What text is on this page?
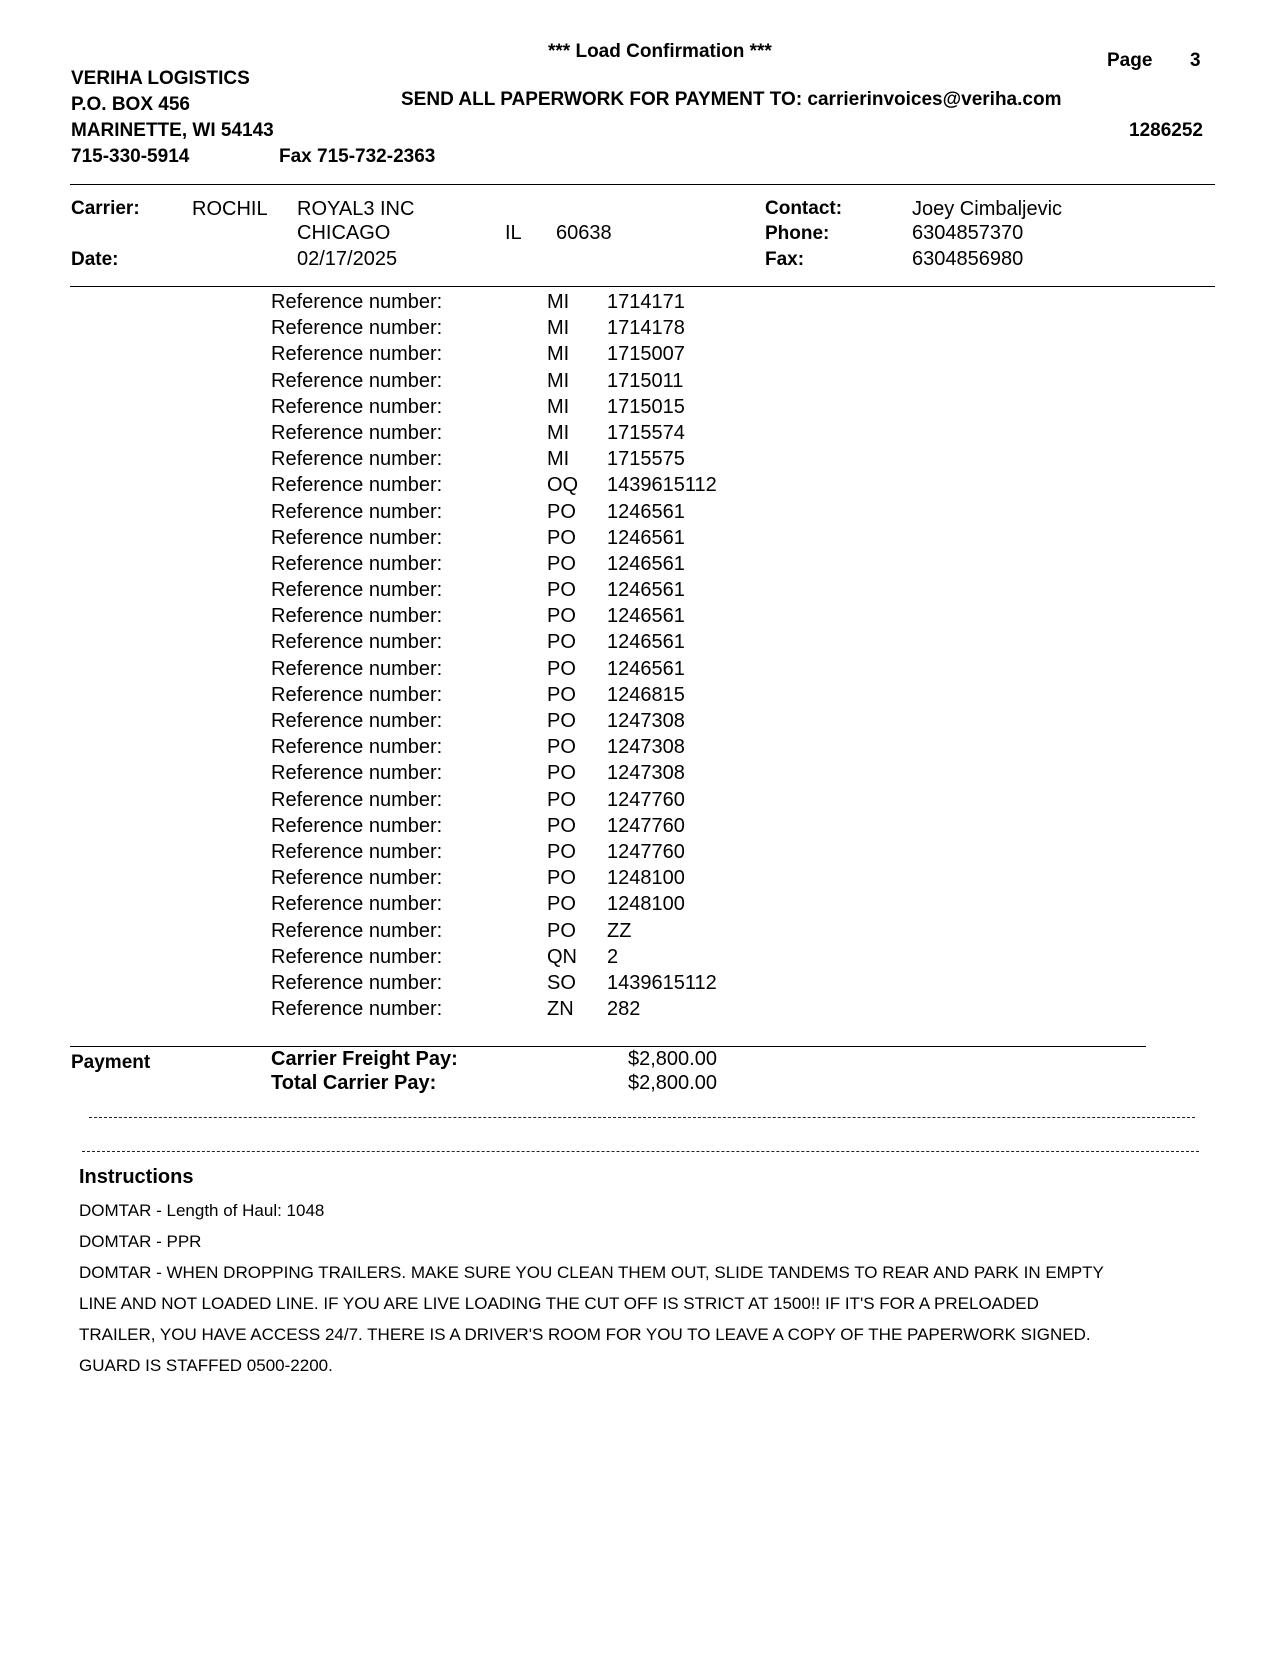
*** Load Confirmation ***	Page 3
VERIHA LOGISTICS
P.O. BOX 456
MARINETTE, WI 54143
715-330-5914	Fax 715-732-2363
SEND ALL PAPERWORK FOR PAYMENT TO: carrierinvoices@veriha.com
1286252
Carrier:	ROCHIL ROYAL3 INC
CHICAGO	IL 60638
Date:	02/17/2025
Contact:	Joey Cimbaljevic
Phone:	6304857370
Fax:	6304856980
Reference number:	MI 1714171
Reference number:	MI 1714178
Reference number:	MI 1715007
Reference number:	MI 1715011
Reference number:	MI 1715015
Reference number:	MI 1715574
Reference number:	MI 1715575
Reference number:	OQ 1439615112
Reference number:	PO 1246561
Reference number:	PO 1246561
Reference number:	PO 1246561
Reference number:	PO 1246561
Reference number:	PO 1246561
Reference number:	PO 1246561
Reference number:	PO 1246561
Reference number:	PO 1246815
Reference number:	PO 1247308
Reference number:	PO 1247308
Reference number:	PO 1247308
Reference number:	PO 1247760
Reference number:	PO 1247760
Reference number:	PO 1247760
Reference number:	PO 1248100
Reference number:	PO 1248100
Reference number:	PO ZZ
Reference number:	QN 2
Reference number:	SO 1439615112
Reference number:	ZN 282
Payment	Carrier Freight Pay:	$2,800.00
Total Carrier Pay:	$2,800.00
Instructions
DOMTAR - Length of Haul: 1048
DOMTAR - PPR
DOMTAR - WHEN DROPPING TRAILERS. MAKE SURE YOU CLEAN THEM OUT, SLIDE TANDEMS TO REAR AND PARK IN EMPTY
LINE AND NOT LOADED LINE. IF YOU ARE LIVE LOADING THE CUT OFF IS STRICT AT 1500!! IF IT'S FOR A PRELOADED
TRAILER, YOU HAVE ACCESS 24/7. THERE IS A DRIVER'S ROOM FOR YOU TO LEAVE A COPY OF THE PAPERWORK SIGNED.
GUARD IS STAFFED 0500-2200.
